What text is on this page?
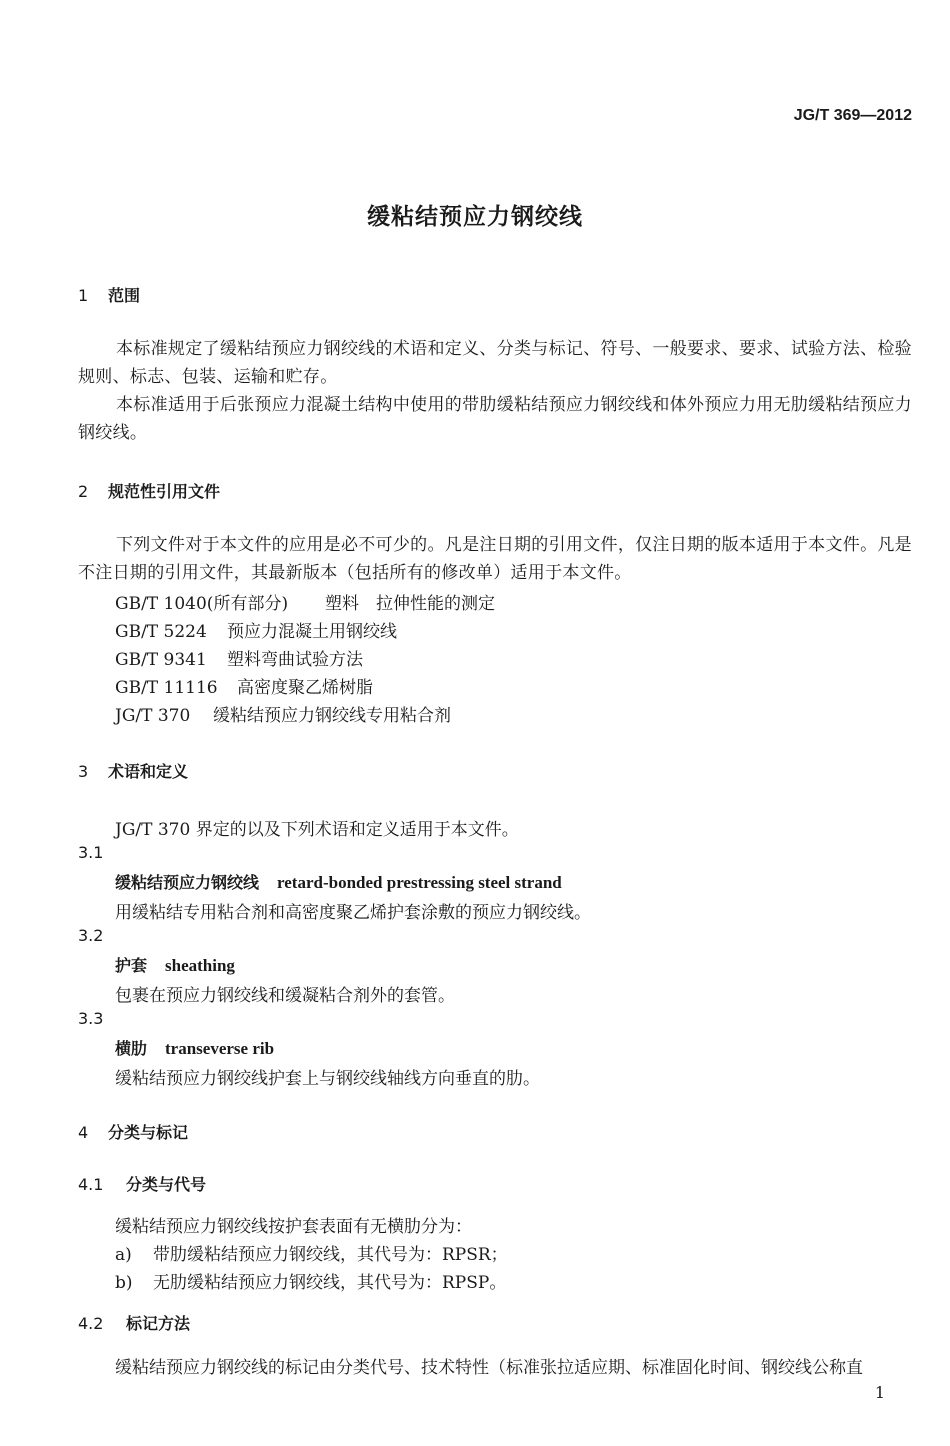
JG/T 369—2012
缓粘结预应力钢绞线
1 范围
本标准规定了缓粘结预应力钢绞线的术语和定义、分类与标记、符号、一般要求、要求、试验方法、检验规则、标志、包装、运输和贮存。
本标准适用于后张预应力混凝土结构中使用的带肋缓粘结预应力钢绞线和体外预应力用无肋缓粘结预应力钢绞线。
2 规范性引用文件
下列文件对于本文件的应用是必不可少的。凡是注日期的引用文件，仅注日期的版本适用于本文件。凡是不注日期的引用文件，其最新版本（包括所有的修改单）适用于本文件。
GB/T 1040(所有部分) 塑料　拉伸性能的测定
GB/T 5224 预应力混凝土用钢绞线
GB/T 9341 塑料弯曲试验方法
GB/T 11116 高密度聚乙烯树脂
JG/T 370 缓粘结预应力钢绞线专用粘合剂
3 术语和定义
JG/T 370 界定的以及下列术语和定义适用于本文件。
3.1
缓粘结预应力钢绞线 retard-bonded prestressing steel strand
用缓粘结专用粘合剂和高密度聚乙烯护套涂敷的预应力钢绞线。
3.2
护套 sheathing
包裹在预应力钢绞线和缓凝粘合剂外的套管。
3.3
横肋 transeverse rib
缓粘结预应力钢绞线护套上与钢绞线轴线方向垂直的肋。
4 分类与标记
4.1 分类与代号
缓粘结预应力钢绞线按护套表面有无横肋分为：
a) 带肋缓粘结预应力钢绞线，其代号为：RPSR；
b) 无肋缓粘结预应力钢绞线，其代号为：RPSP。
4.2 标记方法
缓粘结预应力钢绞线的标记由分类代号、技术特性（标准张拉适应期、标准固化时间、钢绞线公称直
1
